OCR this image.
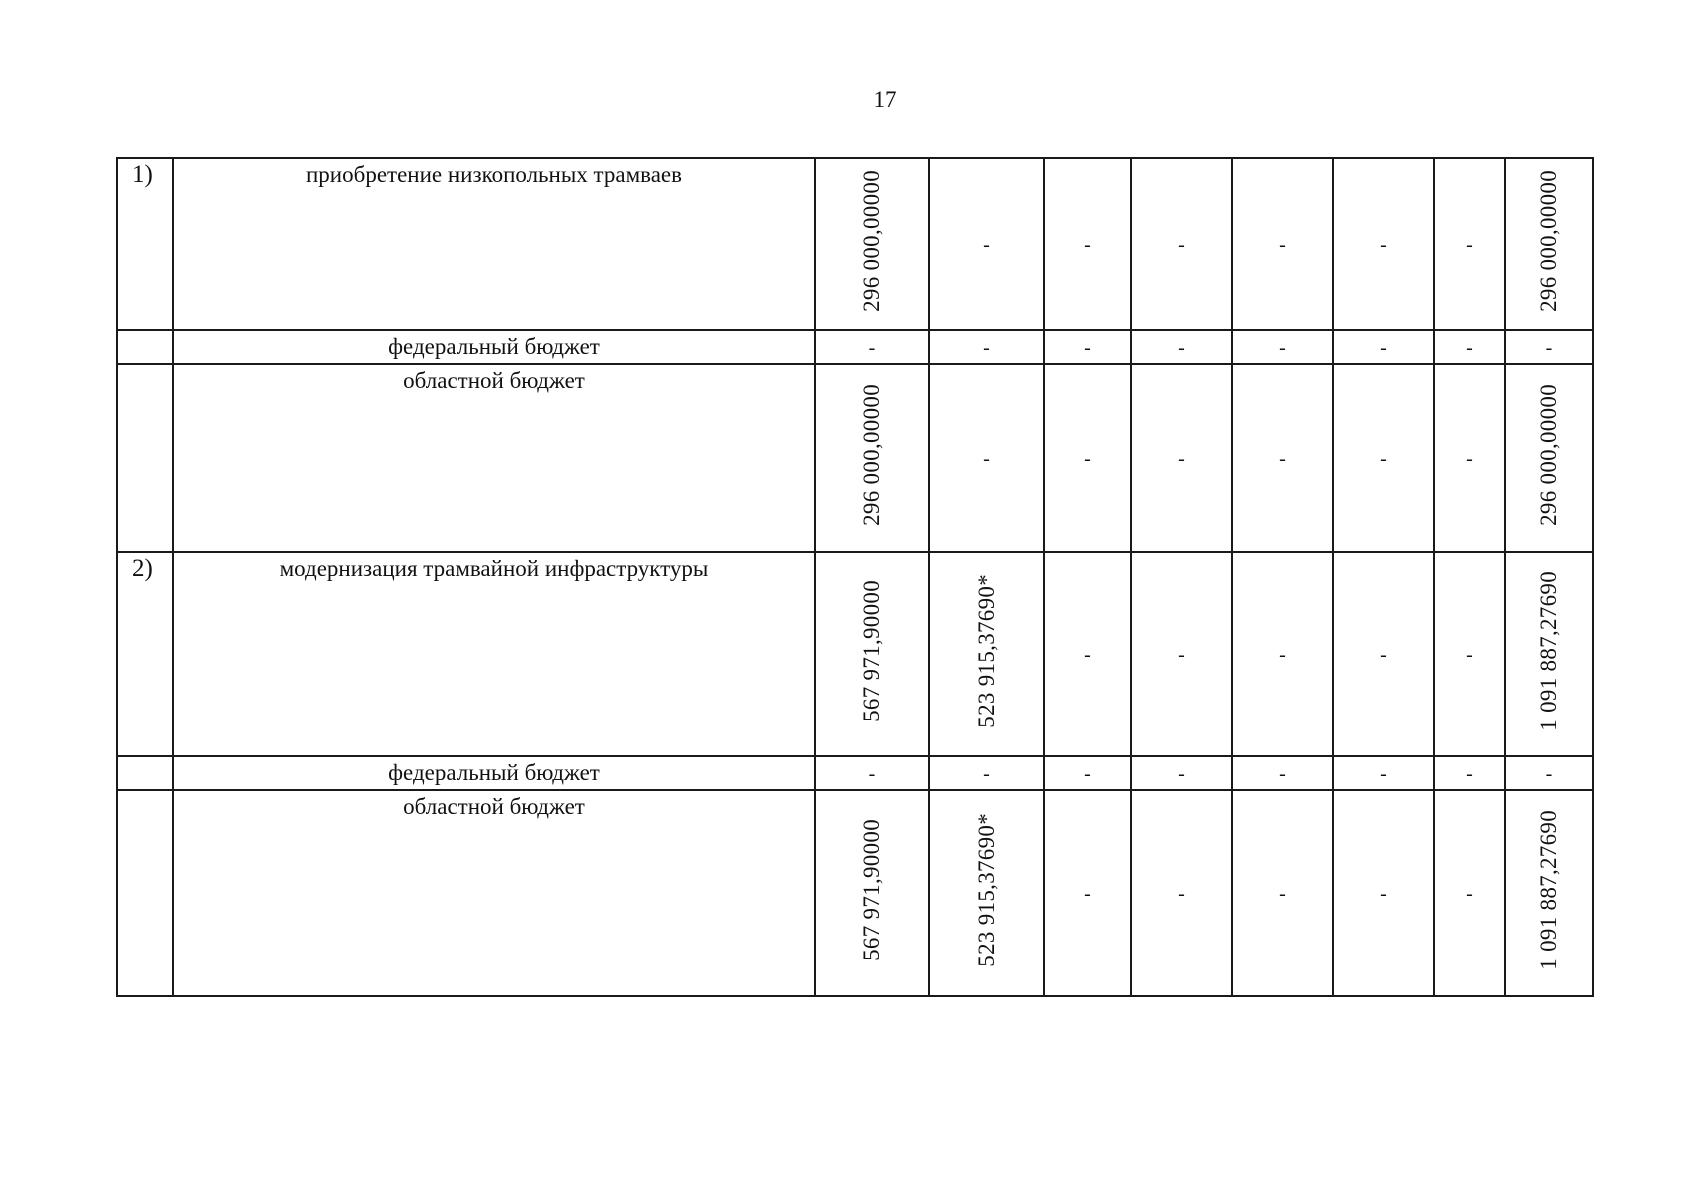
17
1)	приобретение низкопольных трамваев	296 000,00000	-	-	-	-	-	-	296 000,00000
	федеральный бюджет	-	-	-	-	-	-	-	-
	областной бюджет	296 000,00000	-	-	-	-	-	-	296 000,00000
2)	модернизация трамвайной инфраструктуры	567 971,90000	523 915,37690*	-	-	-	-	-	1 091 887,27690
	федеральный бюджет	-	-	-	-	-	-	-	-
	областной бюджет	567 971,90000	523 915,37690*	-	-	-	-	-	1 091 887,27690
